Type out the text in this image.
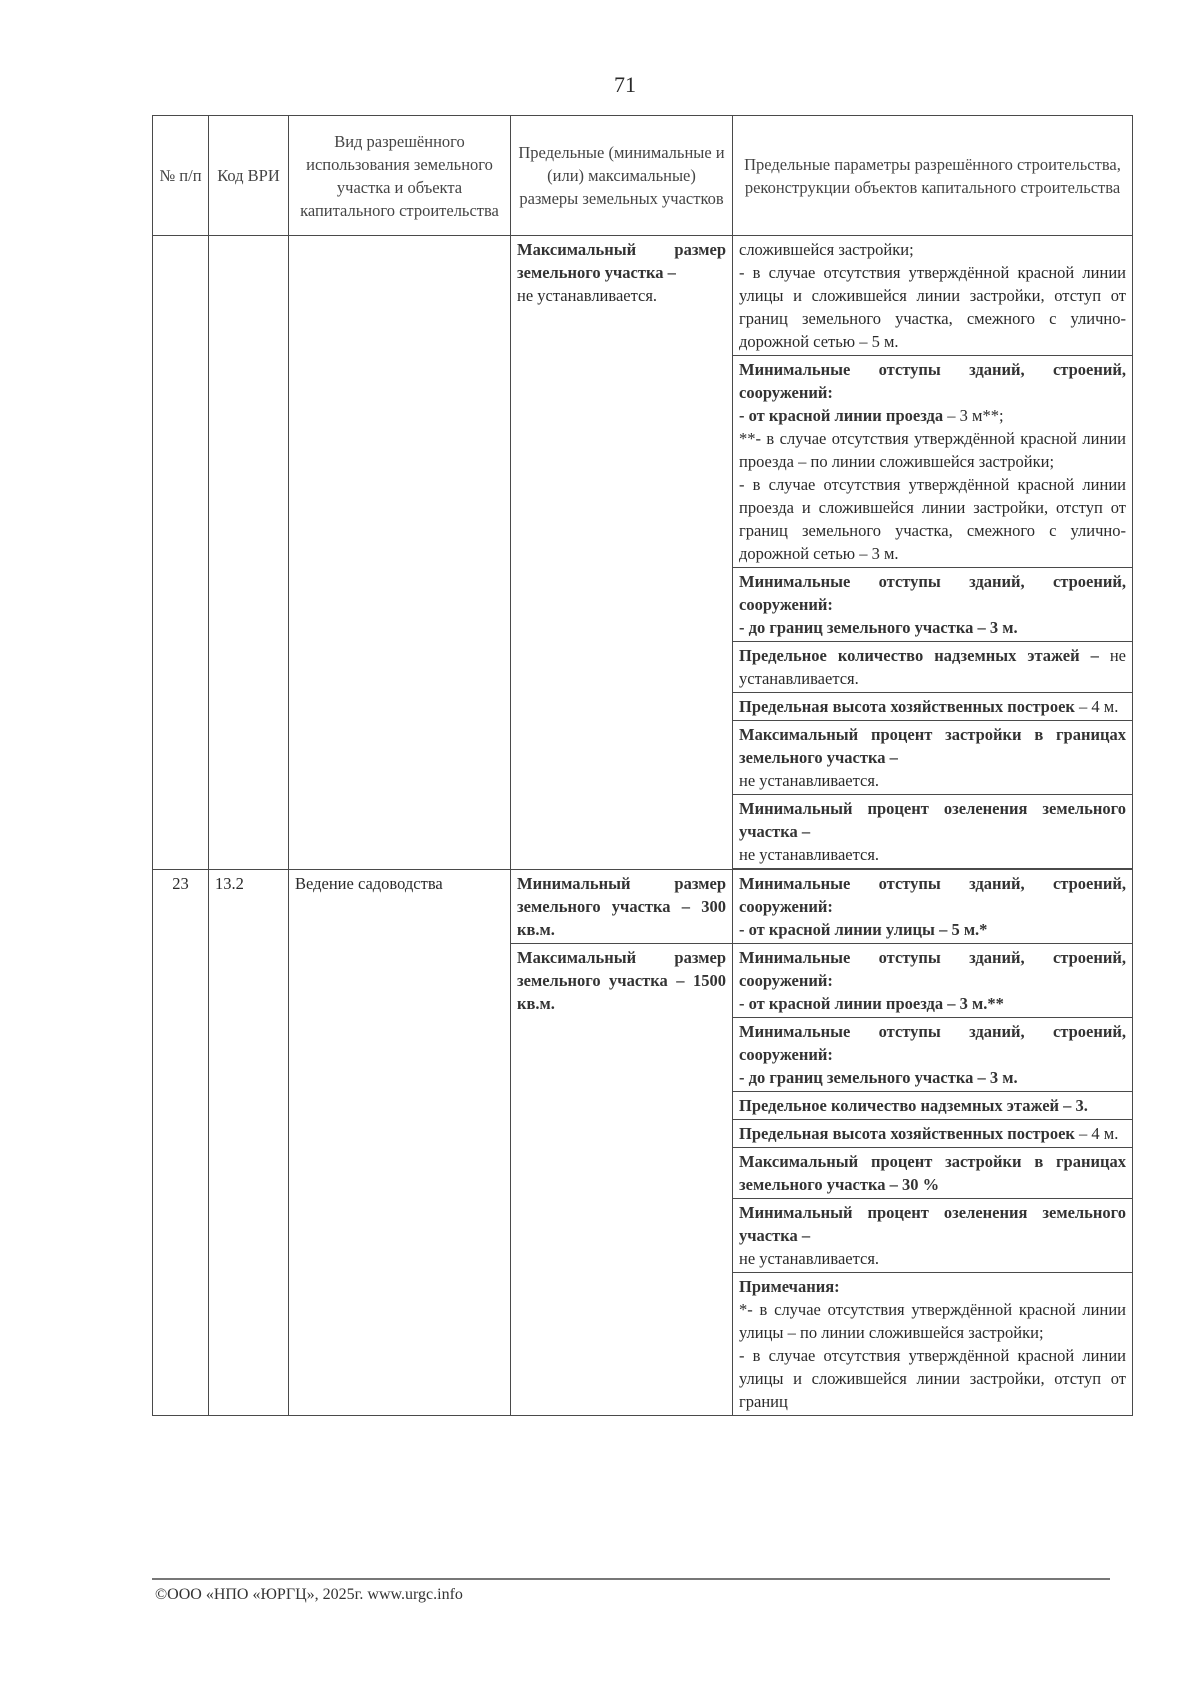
71
№ п/п	Код ВРИ	Вид разрешённого использования земельного участка и объекта капитального строительства	Предельные (минимальные и (или) максимальные) размеры земельных участков	Предельные параметры разрешённого строительства, реконструкции объектов капитального строительства

			Максимальный размер земельного участка –
не устанавливается.	сложившейся застройки;
- в случае отсутствия утверждённой красной линии улицы и сложившейся линии застройки, отступ от границ земельного участка, смежного с улично-дорожной сетью – 5 м.
				Минимальные отступы зданий, строений, сооружений:
- от красной линии проезда – 3 м**;
**- в случае отсутствия утверждённой красной линии проезда – по линии сложившейся застройки;
- в случае отсутствия утверждённой красной линии проезда и сложившейся линии застройки, отступ от границ земельного участка, смежного с улично-дорожной сетью – 3 м.
				Минимальные отступы зданий, строений, сооружений:
- до границ земельного участка – 3 м.
				Предельное количество надземных этажей – не устанавливается.
				Предельная высота хозяйственных построек – 4 м.
				Максимальный процент застройки в границах земельного участка –
не устанавливается.
				Минимальный процент озеленения земельного участка –
не устанавливается.

23	13.2	Ведение садоводства	Минимальный размер земельного участка – 300 кв.м.	Минимальные отступы зданий, строений, сооружений:
- от красной линии улицы – 5 м.*
			Максимальный размер земельного участка – 1500 кв.м.	Минимальные отступы зданий, строений, сооружений:
- от красной линии проезда – 3 м.**
				Минимальные отступы зданий, строений, сооружений:
- до границ земельного участка – 3 м.
				Предельное количество надземных этажей – 3.
				Предельная высота хозяйственных построек – 4 м.
				Максимальный процент застройки в границах земельного участка – 30 %
				Минимальный процент озеленения земельного участка –
не устанавливается.

				Примечания:
*- в случае отсутствия утверждённой красной линии улицы – по линии сложившейся застройки;
- в случае отсутствия утверждённой красной линии улицы и сложившейся линии застройки, отступ от границ
©ООО «НПО «ЮРГЦ», 2025г. www.urgc.info
